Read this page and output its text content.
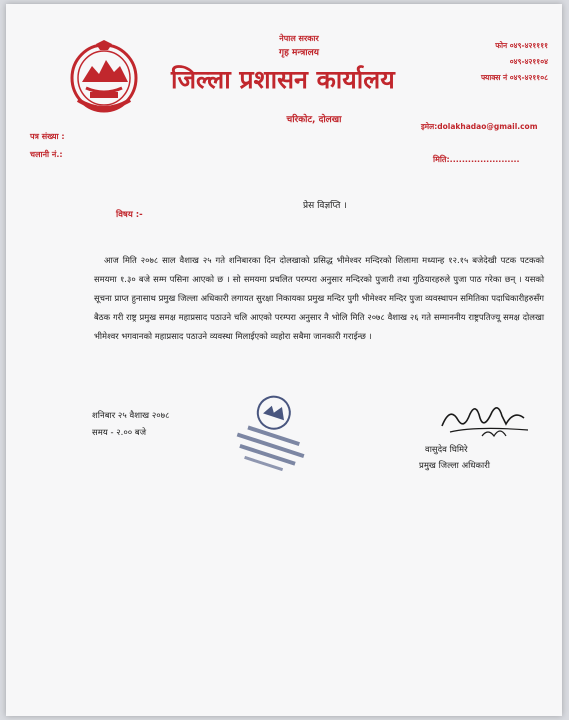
नेपाल सरकार
गृह मन्त्रालय
जिल्ला प्रशासन कार्यालय
चरिकोट, दोलखा
फोन ०४९-४२११११
०४९-४२११०४
फ्याक्स नं ०४९-४२११०८
इमेल:dolakhadao@gmail.com
पत्र संख्या :
चलानी नं.:
मिति:.......................
विषय :-
प्रेस विज्ञप्ति ।
आज मिति २०७८ साल वैशाख २५ गते शनिबारका दिन दोलखाको प्रसिद्ध भीमेश्वर मन्दिरको शिलामा मध्यान्ह १२.१५ बजेदेखी पटक पटकको समयमा १.३० बजे सम्म पसिना आएको छ । सो समयमा प्रचलित परम्परा अनुसार मन्दिरको पुजारी तथा गुठियारहरुले पुजा पाठ गरेका छन् । यसको सूचना प्राप्त हुनासाथ प्रमुख जिल्ला अधिकारी लगायत सुरक्षा निकायका प्रमुख मन्दिर पुगी भीमेश्वर मन्दिर पुजा व्यवस्थापन समितिका पदाधिकारीहरुसँग बैठक गरी राष्ट्र प्रमुख समक्ष महाप्रसाद पठाउने चलि आएको परम्परा अनुसार नै भोलि मिति २०७८ वैशाख २६ गते सम्माननीय राष्ट्रपतिज्यू समक्ष दोलखा भीमेश्वर भगवानको महाप्रसाद पठाउने व्यवस्था मिलाईएको व्यहोरा सबैमा जानकारी गराईन्छ ।
शनिबार २५ वैशाख २०७८
समय - २.०० बजे
वासुदेव घिमिरे
प्रमुख जिल्ला अधिकारी
